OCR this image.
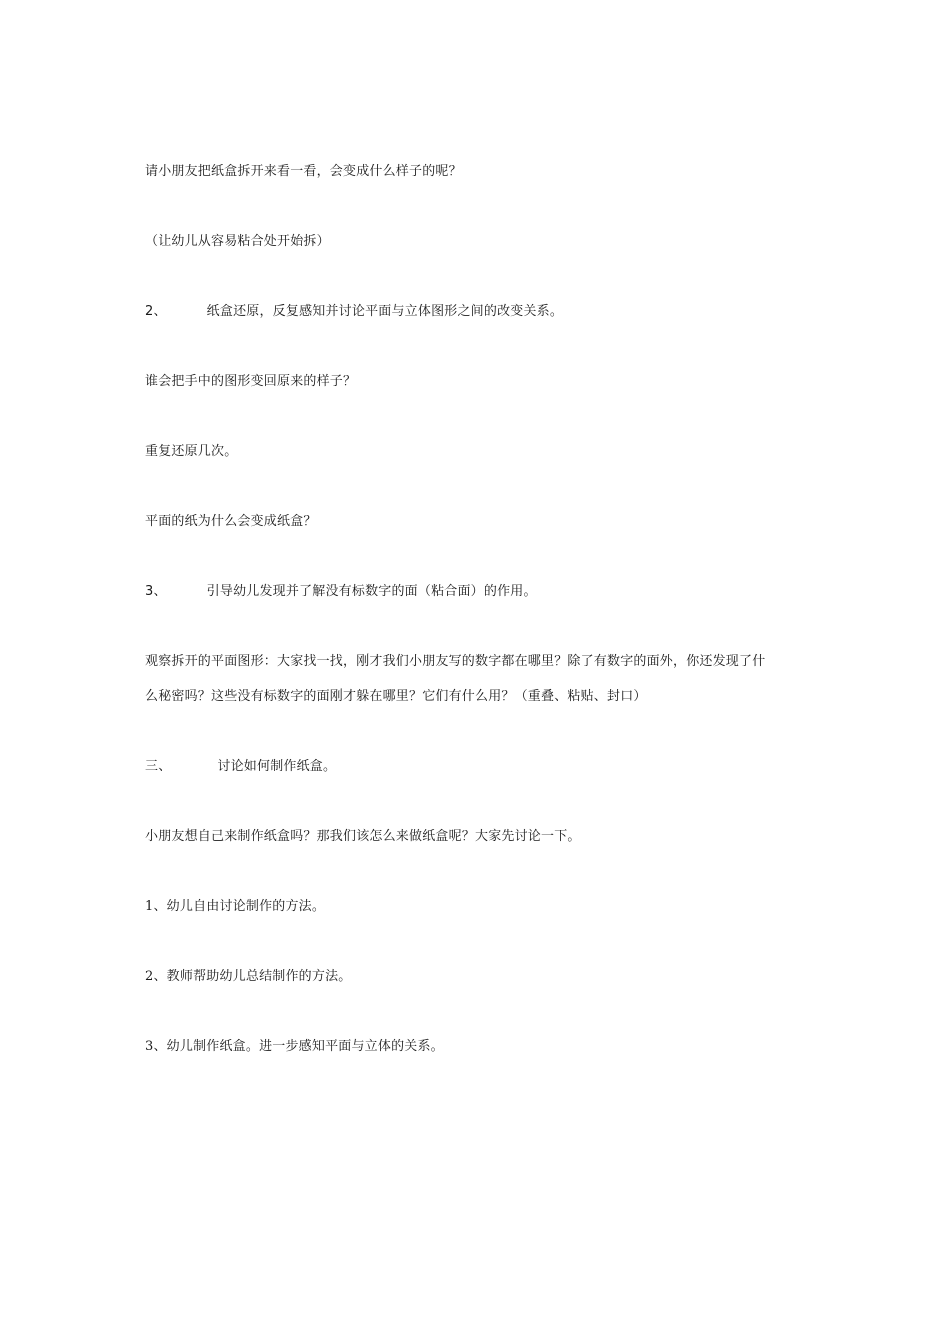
请小朋友把纸盒拆开来看一看，会变成什么样子的呢？
（让幼儿从容易粘合处开始拆）
2、	纸盒还原，反复感知并讨论平面与立体图形之间的改变关系。
谁会把手中的图形变回原来的样子？
重复还原几次。
平面的纸为什么会变成纸盒？
3、	引导幼儿发现并了解没有标数字的面（粘合面）的作用。
观察拆开的平面图形：大家找一找，刚才我们小朋友写的数字都在哪里？除了有数字的面外，你还发现了什
么秘密吗？这些没有标数字的面刚才躲在哪里？它们有什么用？（重叠、粘贴、封口）
三、	讨论如何制作纸盒。
小朋友想自己来制作纸盒吗？那我们该怎么来做纸盒呢？大家先讨论一下。
1、幼儿自由讨论制作的方法。
2、教师帮助幼儿总结制作的方法。
3、幼儿制作纸盒。进一步感知平面与立体的关系。
